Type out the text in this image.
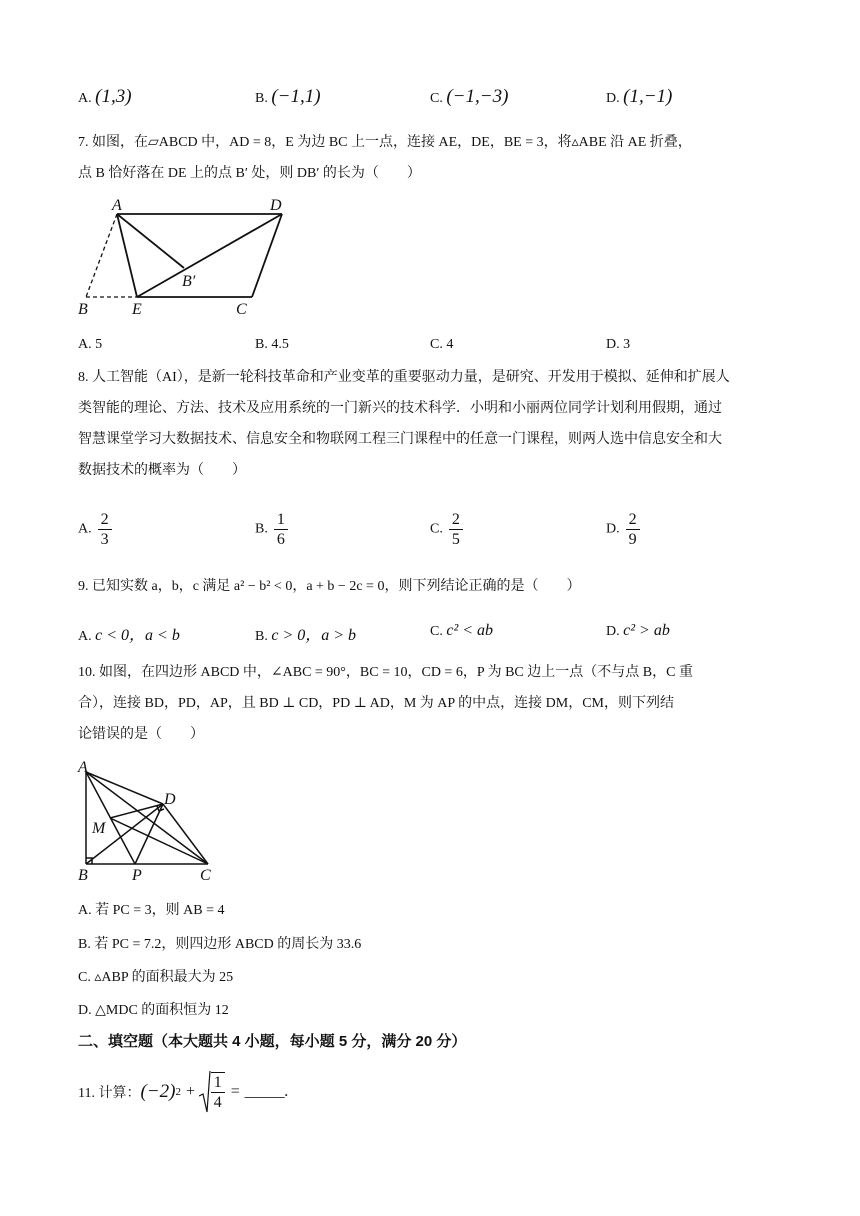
A. (1,3)	B. (−1,1)	C. (−1,−3)	D. (1,−1)
7. 如图，在▱ABCD 中，AD = 8，E 为边 BC 上一点，连接 AE，DE，BE = 3，将▵ABE 沿 AE 折叠，
点 B 恰好落在 DE 上的点 B′ 处，则 DB′ 的长为（　　）
A	D
B′
B	E	C
A. 5	B. 4.5	C. 4	D. 3
8. 人工智能（AI），是新一轮科技革命和产业变革的重要驱动力量，是研究、开发用于模拟、延伸和扩展人
类智能的理论、方法、技术及应用系统的一门新兴的技术科学．小明和小丽两位同学计划利用假期，通过
智慧课堂学习大数据技术、信息安全和物联网工程三门课程中的任意一门课程，则两人选中信息安全和大
数据技术的概率为（　　）
A. $\frac{2}{3}$	B. $\frac{1}{6}$	C. $\frac{2}{5}$	D. $\frac{2}{9}$
9. 已知实数 a，b，c 满足 a² − b² < 0，a + b − 2c = 0，则下列结论正确的是（　　）
A. c < 0，a < b	B. c > 0，a > b	C. c² < ab	D. c² > ab
10. 如图，在四边形 ABCD 中，∠ABC = 90°，BC = 10，CD = 6，P 为 BC 边上一点（不与点 B，C 重
合），连接 BD，PD，AP，且 BD ⊥ CD，PD ⊥ AD，M 为 AP 的中点，连接 DM，CM，则下列结
论错误的是（　　）
A
D
M
B	P	C
A. 若 PC = 3，则 AB = 4
B. 若 PC = 7.2，则四边形 ABCD 的周长为 33.6
C. ▵ABP 的面积最大为 25
D. △MDC 的面积恒为 12
二、填空题（本大题共 4 小题，每小题 5 分，满分 20 分）
11. 计算： (−2) $2 + \frac{1}{4}$ = _____.
